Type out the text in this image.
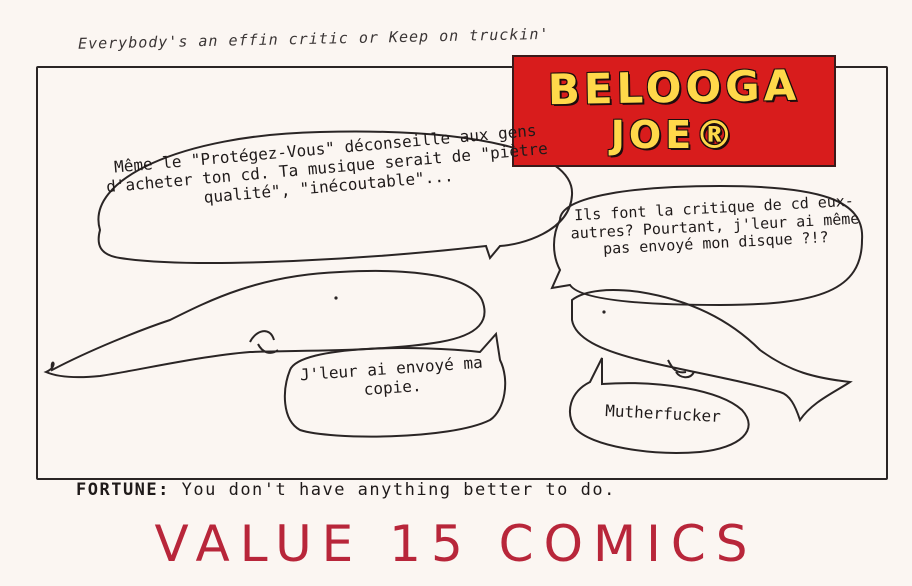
Everybody's an effin critic or Keep on truckin'
BELOOGA
JOE®
Même le "Protégez-Vous" déconseille aux gens d'acheter ton cd. Ta musique serait de "piètre qualité", "inécoutable"...
Ils font la critique de cd eux-autres? Pourtant, j'leur ai même pas envoyé mon disque ?!?
J'leur ai envoyé ma copie.
Mutherfucker
FORTUNE: You don't have anything better to do.
VALUE 15 COMICS
